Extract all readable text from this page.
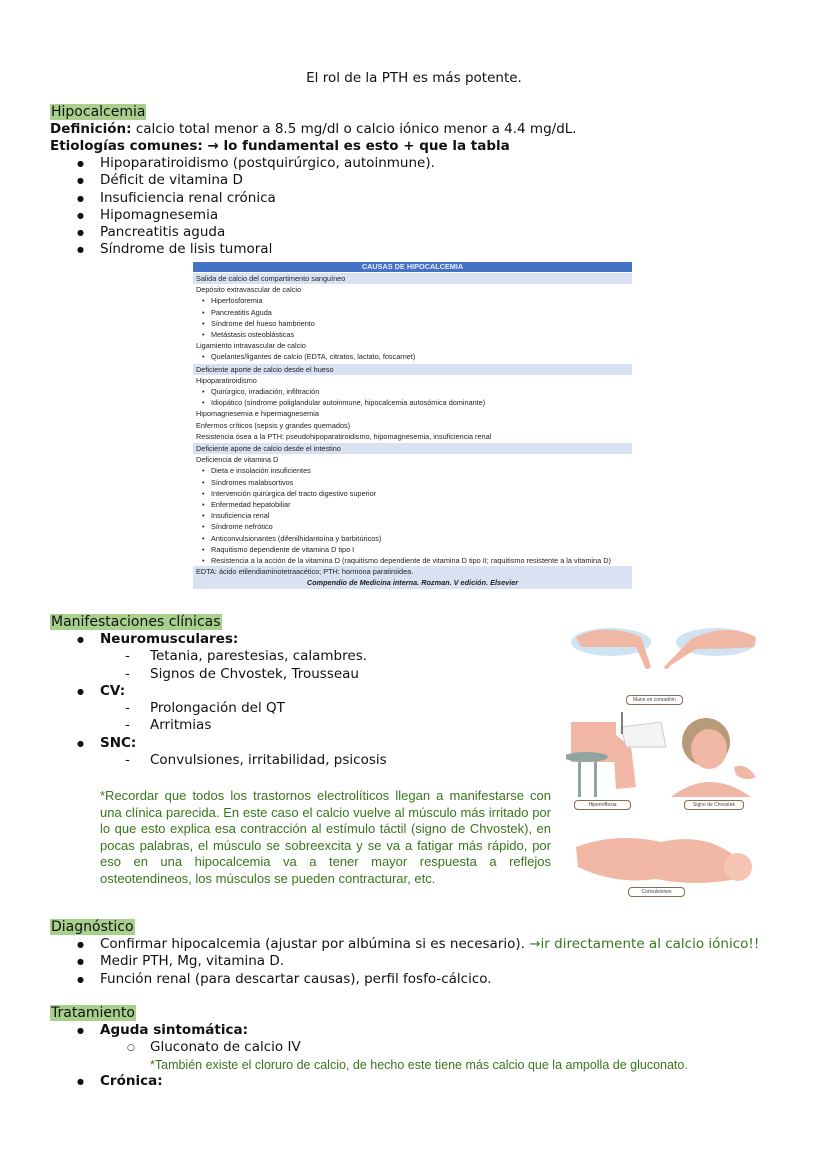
El rol de la PTH es más potente.
Hipocalcemia
Definición: calcio total menor a 8.5 mg/dl o calcio iónico menor a 4.4 mg/dL.
Etiologías comunes: → lo fundamental es esto + que la tabla
● Hipoparatiroidismo (postquirúrgico, autoinmune).
● Déficit de vitamina D
● Insuficiencia renal crónica
● Hipomagnesemia
● Pancreatitis aguda
● Síndrome de lisis tumoral
CAUSAS DE HIPOCALCEMIA
Salida de calcio del compartimento sanguíneo
Depósito extravascular de calcio
• Hiperfosforemia
• Pancreatitis Aguda
• Síndrome del hueso hambriento
• Metástasis osteoblásticas
Ligamiento intravascular de calcio
• Quelantes/ligantes de calcio (EDTA, citratos, lactato, foscarnet)
Deficiente aporte de calcio desde el hueso
Hipoparatiroidismo
• Quirúrgico, irradiación, infiltración
• Idiopático (síndrome poliglandular autoinmune, hipocalcemia autosómica dominante)
Hipomagnesemia e hipermagnesemia
Enfermos críticos (sepsis y grandes quemados)
Resistencia ósea a la PTH: pseudohipoparatiroidismo, hipomagnesemia, insuficiencia renal
Deficiente aporte de calcio desde el intestino
Deficiencia de vitamina D
• Dieta e insolación insuficientes
• Síndromes malabsortivos
• Intervención quirúrgica del tracto digestivo superior
• Enfermedad hepatobiliar
• Insuficiencia renal
• Síndrome nefrótico
• Anticonvulsionantes (difenilhidantoína y barbitúricos)
• Raquitismo dependiente de vitamina D tipo I
• Resistencia a la acción de la vitamina D (raquitismo dependiente de vitamina D tipo II; raquitismo resistente a la vitamina D)
EDTA: ácido etilendiaminotetraacético; PTH: hormona paratiroidea.
Compendio de Medicina interna. Rozman. V edición. Elsevier
Manifestaciones clínicas
● Neuromusculares:
- Tetania, parestesias, calambres.
- Signos de Chvostek, Trousseau
● CV:
- Prolongación del QT
- Arritmias
● SNC:
- Convulsiones, irritabilidad, psicosis
*Recordar que todos los trastornos electrolíticos llegan a manifestarse con una clínica parecida. En este caso el calcio vuelve al músculo más irritado por lo que esto explica esa contracción al estímulo táctil (signo de Chvostek), en pocas palabras, el músculo se sobreexcita y se va a fatigar más rápido, por eso en una hipocalcemia va a tener mayor respuesta a reflejos osteotendineos, los músculos se pueden contracturar, etc.
Mano en comadrón
Hiperreflexia	Signo de Chvostek
Convulsiones
Diagnóstico
● Confirmar hipocalcemia (ajustar por albúmina si es necesario). →ir directamente al calcio iónico!!
● Medir PTH, Mg, vitamina D.
● Función renal (para descartar causas), perfil fosfo-cálcico.
Tratamiento
● Aguda sintomática:
○ Gluconato de calcio IV
*También existe el cloruro de calcio, de hecho este tiene más calcio que la ampolla de gluconato.
● Crónica:
